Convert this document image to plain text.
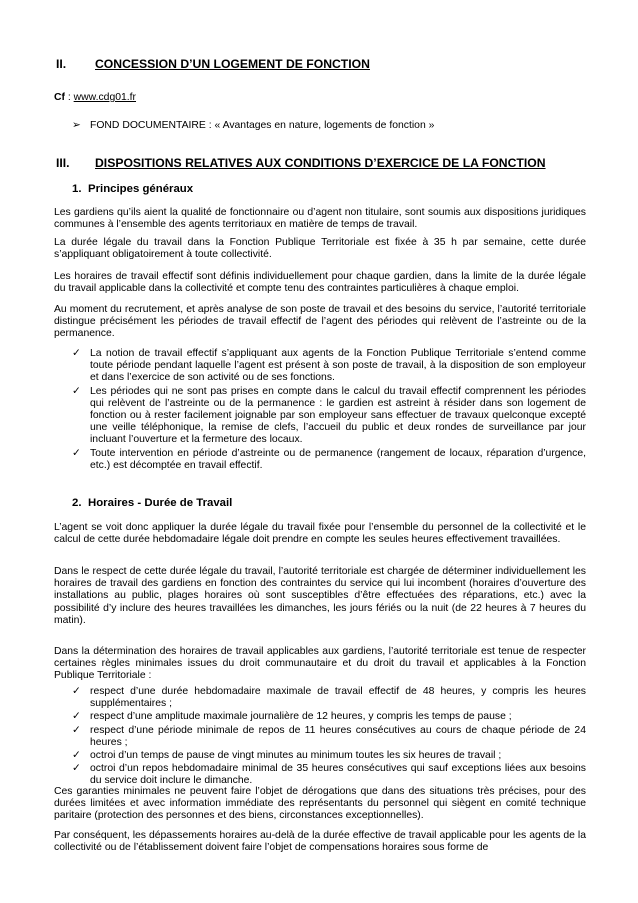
II. CONCESSION D’UN LOGEMENT DE FONCTION
Cf : www.cdg01.fr
➢ FOND DOCUMENTAIRE : « Avantages en nature, logements de fonction »
III. DISPOSITIONS RELATIVES AUX CONDITIONS D’EXERCICE DE LA FONCTION
1. Principes généraux

Les gardiens qu’ils aient la qualité de fonctionnaire ou d’agent non titulaire, sont soumis aux dispositions juridiques communes à l’ensemble des agents territoriaux en matière de temps de travail.

La durée légale du travail dans la Fonction Publique Territoriale est fixée à 35 h par semaine, cette durée s’appliquant obligatoirement à toute collectivité.

Les horaires de travail effectif sont définis individuellement pour chaque gardien, dans la limite de la durée légale du travail applicable dans la collectivité et compte tenu des contraintes particulières à chaque emploi.

Au moment du recrutement, et après analyse de son poste de travail et des besoins du service, l’autorité territoriale distingue précisément les périodes de travail effectif de l’agent des périodes qui relèvent de l’astreinte ou de la permanence.

✓ La notion de travail effectif s’appliquant aux agents de la Fonction Publique Territoriale s’entend comme toute période pendant laquelle l’agent est présent à son poste de travail, à la disposition de son employeur et dans l’exercice de son activité ou de ses fonctions.
✓ Les périodes qui ne sont pas prises en compte dans le calcul du travail effectif comprennent les périodes qui relèvent de l’astreinte ou de la permanence : le gardien est astreint à résider dans son logement de fonction ou à rester facilement joignable par son employeur sans effectuer de travaux quelconque excepté une veille téléphonique, la remise de clefs, l’accueil du public et deux rondes de surveillance par jour incluant l’ouverture et la fermeture des locaux.
✓ Toute intervention en période d’astreinte ou de permanence (rangement de locaux, réparation d’urgence, etc.) est décomptée en travail effectif.
2. Horaires - Durée de Travail

L’agent se voit donc appliquer la durée légale du travail fixée pour l’ensemble du personnel de la collectivité et le calcul de cette durée hebdomadaire légale doit prendre en compte les seules heures effectivement travaillées.

Dans le respect de cette durée légale du travail, l’autorité territoriale est chargée de déterminer individuellement les horaires de travail des gardiens en fonction des contraintes du service qui lui incombent (horaires d’ouverture des installations au public, plages horaires où sont susceptibles d’être effectuées des réparations, etc.) avec la possibilité d’y inclure des heures travaillées les dimanches, les jours fériés ou la nuit (de 22 heures à 7 heures du matin).

Dans la détermination des horaires de travail applicables aux gardiens, l’autorité territoriale est tenue de respecter certaines règles minimales issues du droit communautaire et du droit du travail et applicables à la Fonction Publique Territoriale :

✓ respect d’une durée hebdomadaire maximale de travail effectif de 48 heures, y compris les heures supplémentaires ;
✓ respect d’une amplitude maximale journalière de 12 heures, y compris les temps de pause ;
✓ respect d’une période minimale de repos de 11 heures consécutives au cours de chaque période de 24 heures ;
✓ octroi d’un temps de pause de vingt minutes au minimum toutes les six heures de travail ;
✓ octroi d’un repos hebdomadaire minimal de 35 heures consécutives qui sauf exceptions liées aux besoins du service doit inclure le dimanche.

Ces garanties minimales ne peuvent faire l’objet de dérogations que dans des situations très précises, pour des durées limitées et avec information immédiate des représentants du personnel qui siègent en comité technique paritaire (protection des personnes et des biens, circonstances exceptionnelles).

Par conséquent, les dépassements horaires au-delà de la durée effective de travail applicable pour les agents de la collectivité ou de l’établissement doivent faire l’objet de compensations horaires sous forme de
